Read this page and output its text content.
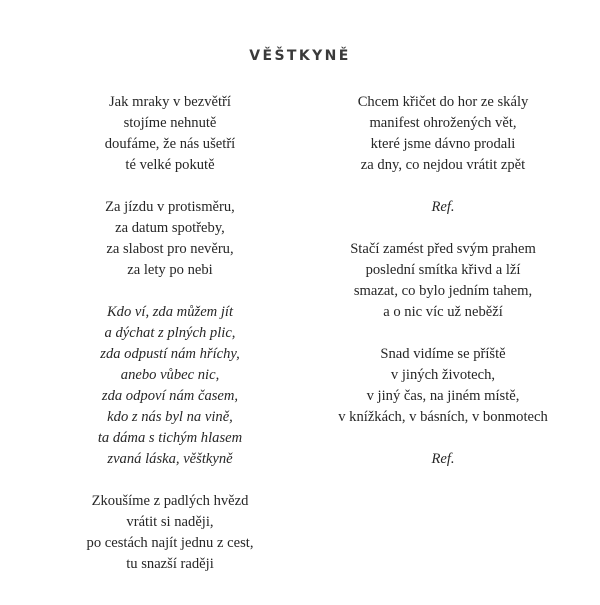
VĚŠTKYNĚ
Jak mraky v bezvětří
stojíme nehnutě
doufáme, že nás ušetří
té velké pokutě
Za jízdu v protisměru,
za datum spotřeby,
za slabost pro nevěru,
za lety po nebi
Kdo ví, zda můžem jít
a dýchat z plných plic,
zda odpustí nám hříchy,
anebo vůbec nic,
zda odpoví nám časem,
kdo z nás byl na vině,
ta dáma s tichým hlasem
zvaná láska, věštkyně
Zkoušíme z padlých hvězd
vrátit si naději,
po cestách najít jednu z cest,
tu snazší raději
Chcem křičet do hor ze skály
manifest ohrožených vět,
které jsme dávno prodali
za dny, co nejdou vrátit zpět
Ref.
Stačí zamést před svým prahem
poslední smítka křivd a lží
smazat, co bylo jedním tahem,
a o nic víc už neběží
Snad vidíme se příště
v jiných životech,
v jiný čas, na jiném místě,
v knížkách, v básních, v bonmotech
Ref.
